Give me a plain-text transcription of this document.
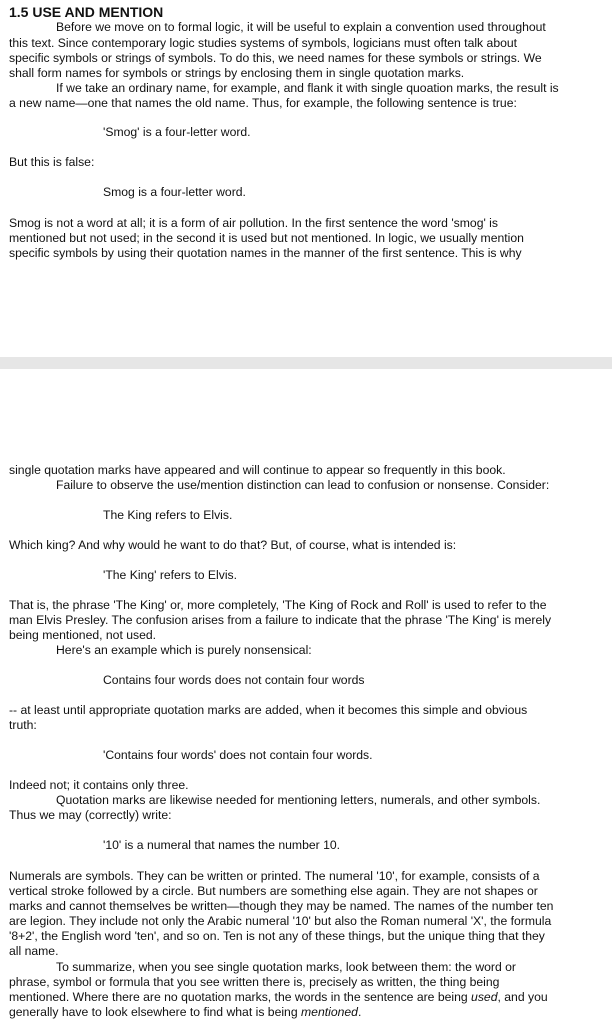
1.5 USE AND MENTION
Before we move on to formal logic, it will be useful to explain a convention used throughout
this text. Since contemporary logic studies systems of symbols, logicians must often talk about
specific symbols or strings of symbols. To do this, we need names for these symbols or strings. We
shall form names for symbols or strings by enclosing them in single quotation marks.
If we take an ordinary name, for example, and flank it with single quoation marks, the result is
a new name—one that names the old name. Thus, for example, the following sentence is true:
'Smog' is a four-letter word.
But this is false:
Smog is a four-letter word.
Smog is not a word at all; it is a form of air pollution. In the first sentence the word 'smog' is
mentioned but not used; in the second it is used but not mentioned. In logic, we usually mention
specific symbols by using their quotation names in the manner of the first sentence. This is why
single quotation marks have appeared and will continue to appear so frequently in this book.
Failure to observe the use/mention distinction can lead to confusion or nonsense. Consider:
The King refers to Elvis.
Which king? And why would he want to do that? But, of course, what is intended is:
'The King' refers to Elvis.
That is, the phrase 'The King' or, more completely, 'The King of Rock and Roll' is used to refer to the
man Elvis Presley. The confusion arises from a failure to indicate that the phrase 'The King' is merely
being mentioned, not used.
Here's an example which is purely nonsensical:
Contains four words does not contain four words
-- at least until appropriate quotation marks are added, when it becomes this simple and obvious
truth:
'Contains four words' does not contain four words.
Indeed not; it contains only three.
Quotation marks are likewise needed for mentioning letters, numerals, and other symbols.
Thus we may (correctly) write:
'10' is a numeral that names the number 10.
Numerals are symbols. They can be written or printed. The numeral '10', for example, consists of a
vertical stroke followed by a circle. But numbers are something else again. They are not shapes or
marks and cannot themselves be written—though they may be named. The names of the number ten
are legion. They include not only the Arabic numeral '10' but also the Roman numeral 'X', the formula
'8+2', the English word 'ten', and so on. Ten is not any of these things, but the unique thing that they
all name.
To summarize, when you see single quotation marks, look between them: the word or
phrase, symbol or formula that you see written there is, precisely as written, the thing being
mentioned. Where there are no quotation marks, the words in the sentence are being used, and you
generally have to look elsewhere to find what is being mentioned.
